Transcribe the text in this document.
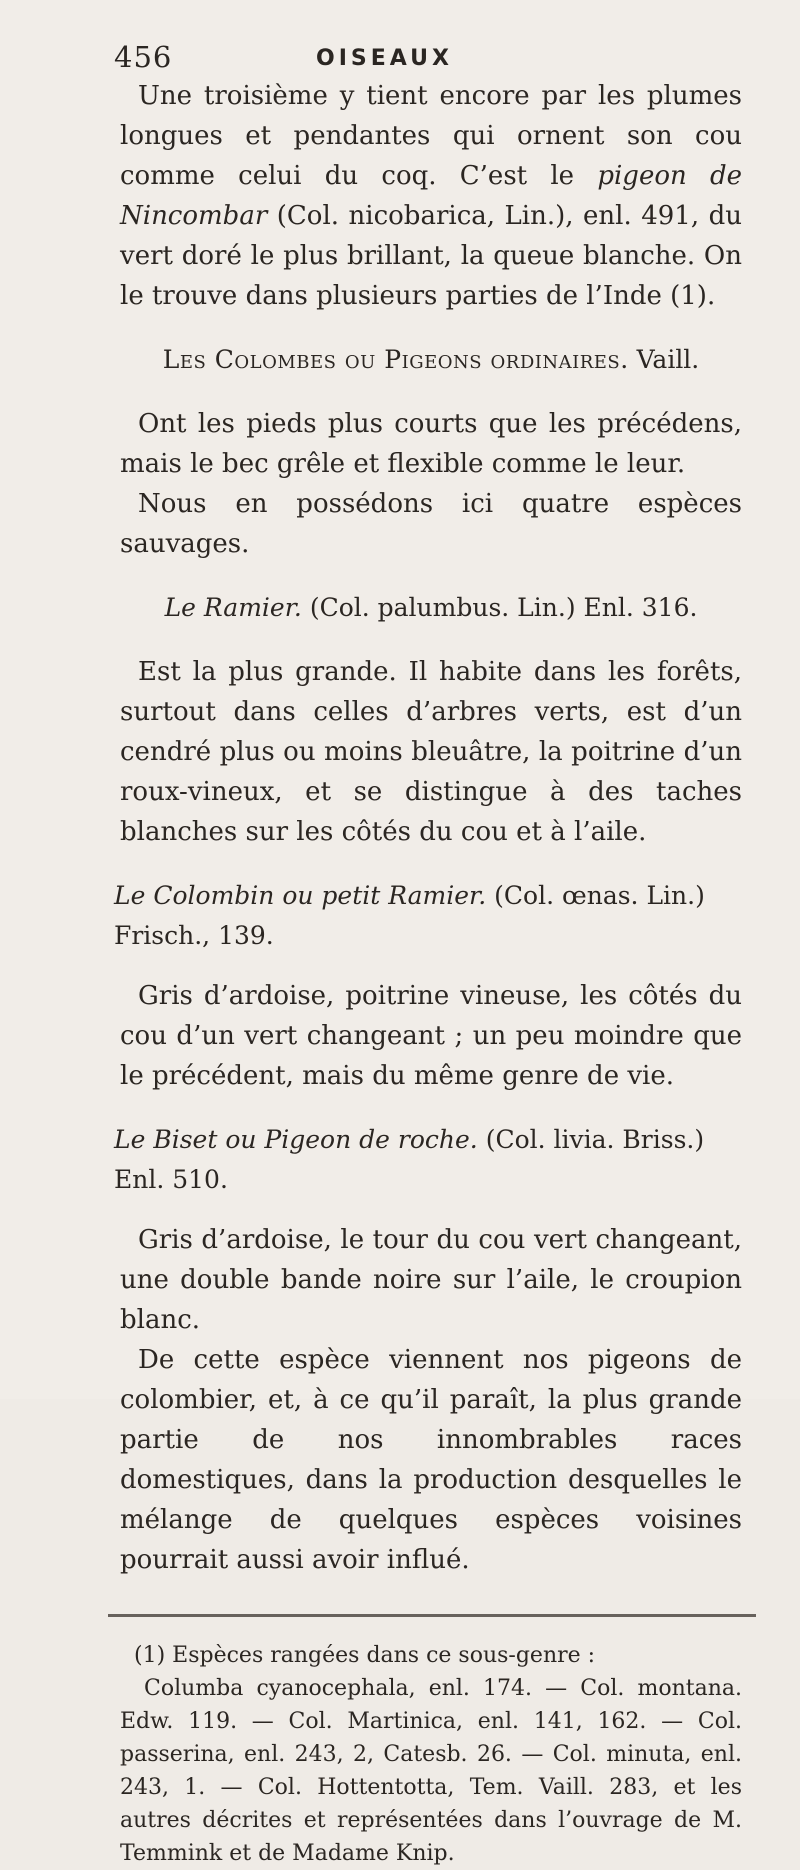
456	OISEAUX

Une troisième y tient encore par les plumes longues et pendantes qui ornent son cou comme celui du coq. C’est le pigeon de Nincombar (Col. nicobarica, Lin.), enl. 491, du vert doré le plus brillant, la queue blanche. On le trouve dans plusieurs parties de l’Inde (1).

Les Colombes ou Pigeons ordinaires. Vaill.

Ont les pieds plus courts que les précédens, mais le bec grêle et flexible comme le leur.

Nous en possédons ici quatre espèces sauvages.

Le Ramier. (Col. palumbus. Lin.) Enl. 316.

Est la plus grande. Il habite dans les forêts, surtout dans celles d’arbres verts, est d’un cendré plus ou moins bleuâtre, la poitrine d’un roux-vineux, et se distingue à des taches blanches sur les côtés du cou et à l’aile.

Le Colombin ou petit Ramier. (Col. œnas. Lin.) Frisch., 139.

Gris d’ardoise, poitrine vineuse, les côtés du cou d’un vert changeant ; un peu moindre que le précédent, mais du même genre de vie.

Le Biset ou Pigeon de roche. (Col. livia. Briss.) Enl. 510.

Gris d’ardoise, le tour du cou vert changeant, une double bande noire sur l’aile, le croupion blanc.

De cette espèce viennent nos pigeons de colombier, et, à ce qu’il paraît, la plus grande partie de nos innombrables races domestiques, dans la production desquelles le mélange de quelques espèces voisines pourrait aussi avoir influé.

(1) Espèces rangées dans ce sous-genre :

Columba cyanocephala, enl. 174. — Col. montana. Edw. 119. — Col. Martinica, enl. 141, 162. — Col. passerina, enl. 243, 2, Catesb. 26. — Col. minuta, enl. 243, 1. — Col. Hottentotta, Tem. Vaill. 283, et les autres décrites et représentées dans l’ouvrage de M. Temmink et de Madame Knip.
